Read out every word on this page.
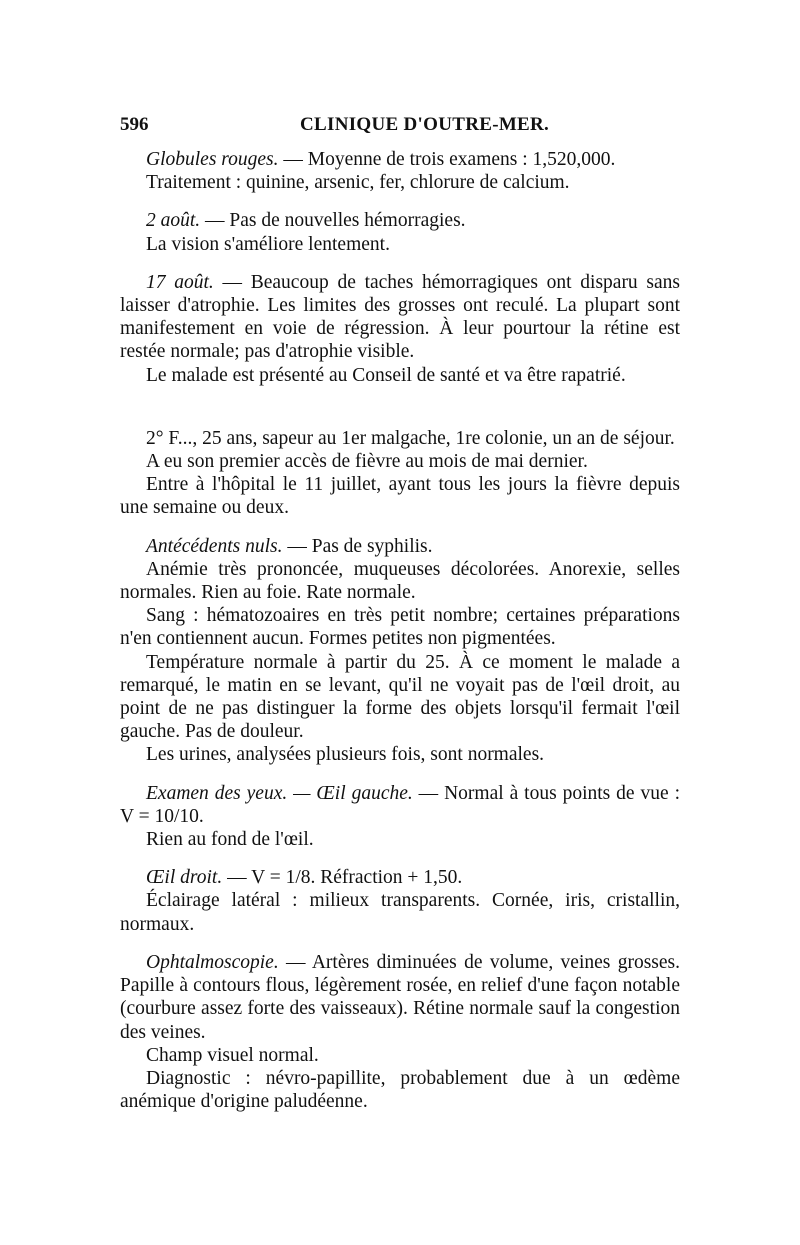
596	CLINIQUE D'OUTRE-MER.

Globules rouges. — Moyenne de trois examens : 1,520,000.

Traitement : quinine, arsenic, fer, chlorure de calcium.

2 août. — Pas de nouvelles hémorragies.

La vision s'améliore lentement.

17 août. — Beaucoup de taches hémorragiques ont disparu sans laisser d'atrophie. Les limites des grosses ont reculé. La plupart sont manifestement en voie de régression. À leur pourtour la rétine est restée normale; pas d'atrophie visible.

Le malade est présenté au Conseil de santé et va être rapatrié.

2° F..., 25 ans, sapeur au 1er malgache, 1re colonie, un an de séjour.

A eu son premier accès de fièvre au mois de mai dernier.

Entre à l'hôpital le 11 juillet, ayant tous les jours la fièvre depuis une semaine ou deux.

Antécédents nuls. — Pas de syphilis.

Anémie très prononcée, muqueuses décolorées. Anorexie, selles normales. Rien au foie. Rate normale.

Sang : hématozoaires en très petit nombre; certaines préparations n'en contiennent aucun. Formes petites non pigmentées.

Température normale à partir du 25. À ce moment le malade a remarqué, le matin en se levant, qu'il ne voyait pas de l'œil droit, au point de ne pas distinguer la forme des objets lorsqu'il fermait l'œil gauche. Pas de douleur.

Les urines, analysées plusieurs fois, sont normales.

Examen des yeux. — Œil gauche. — Normal à tous points de vue : V = 10/10.

Rien au fond de l'œil.

Œil droit. — V = 1/8. Réfraction + 1,50.

Éclairage latéral : milieux transparents. Cornée, iris, cristallin, normaux.

Ophtalmoscopie. — Artères diminuées de volume, veines grosses. Papille à contours flous, légèrement rosée, en relief d'une façon notable (courbure assez forte des vaisseaux). Rétine normale sauf la congestion des veines.

Champ visuel normal.

Diagnostic : névro-papillite, probablement due à un œdème anémique d'origine paludéenne.
